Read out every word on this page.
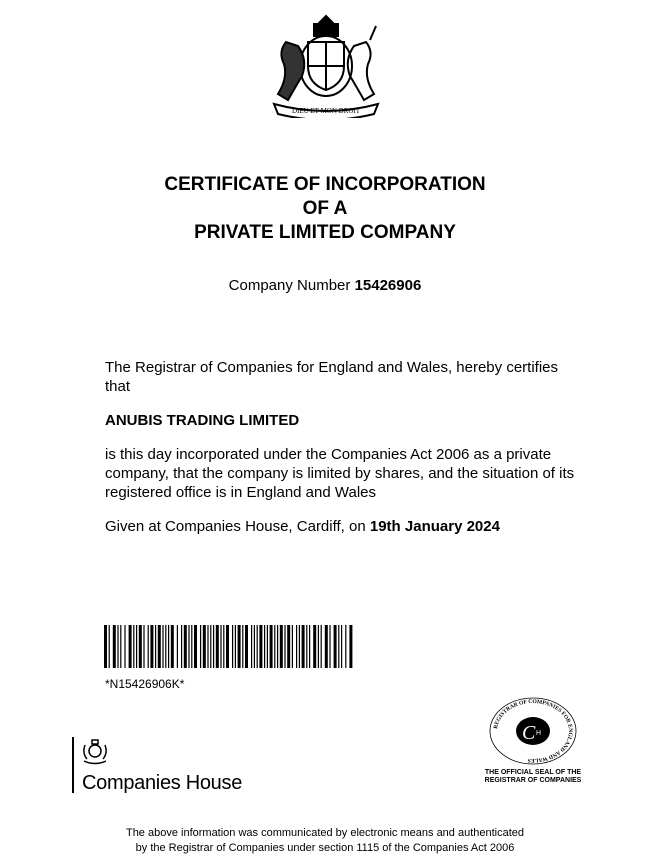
DIEU ET MON DROIT
CERTIFICATE OF INCORPORATION
OF A
PRIVATE LIMITED COMPANY
Company Number 15426906

The Registrar of Companies for England and Wales, hereby certifies that

ANUBIS TRADING LIMITED

is this day incorporated under the Companies Act 2006 as a private company, that the company is limited by shares, and the situation of its registered office is in England and Wales

Given at Companies House, Cardiff, on 19th January 2024

*N15426906K*
Companies House
REGISTRAR OF COMPANIES FOR ENGLAND AND WALES
C H
THE OFFICIAL SEAL OF THE
REGISTRAR OF COMPANIES
The above information was communicated by electronic means and authenticated
by the Registrar of Companies under section 1115 of the Companies Act 2006
